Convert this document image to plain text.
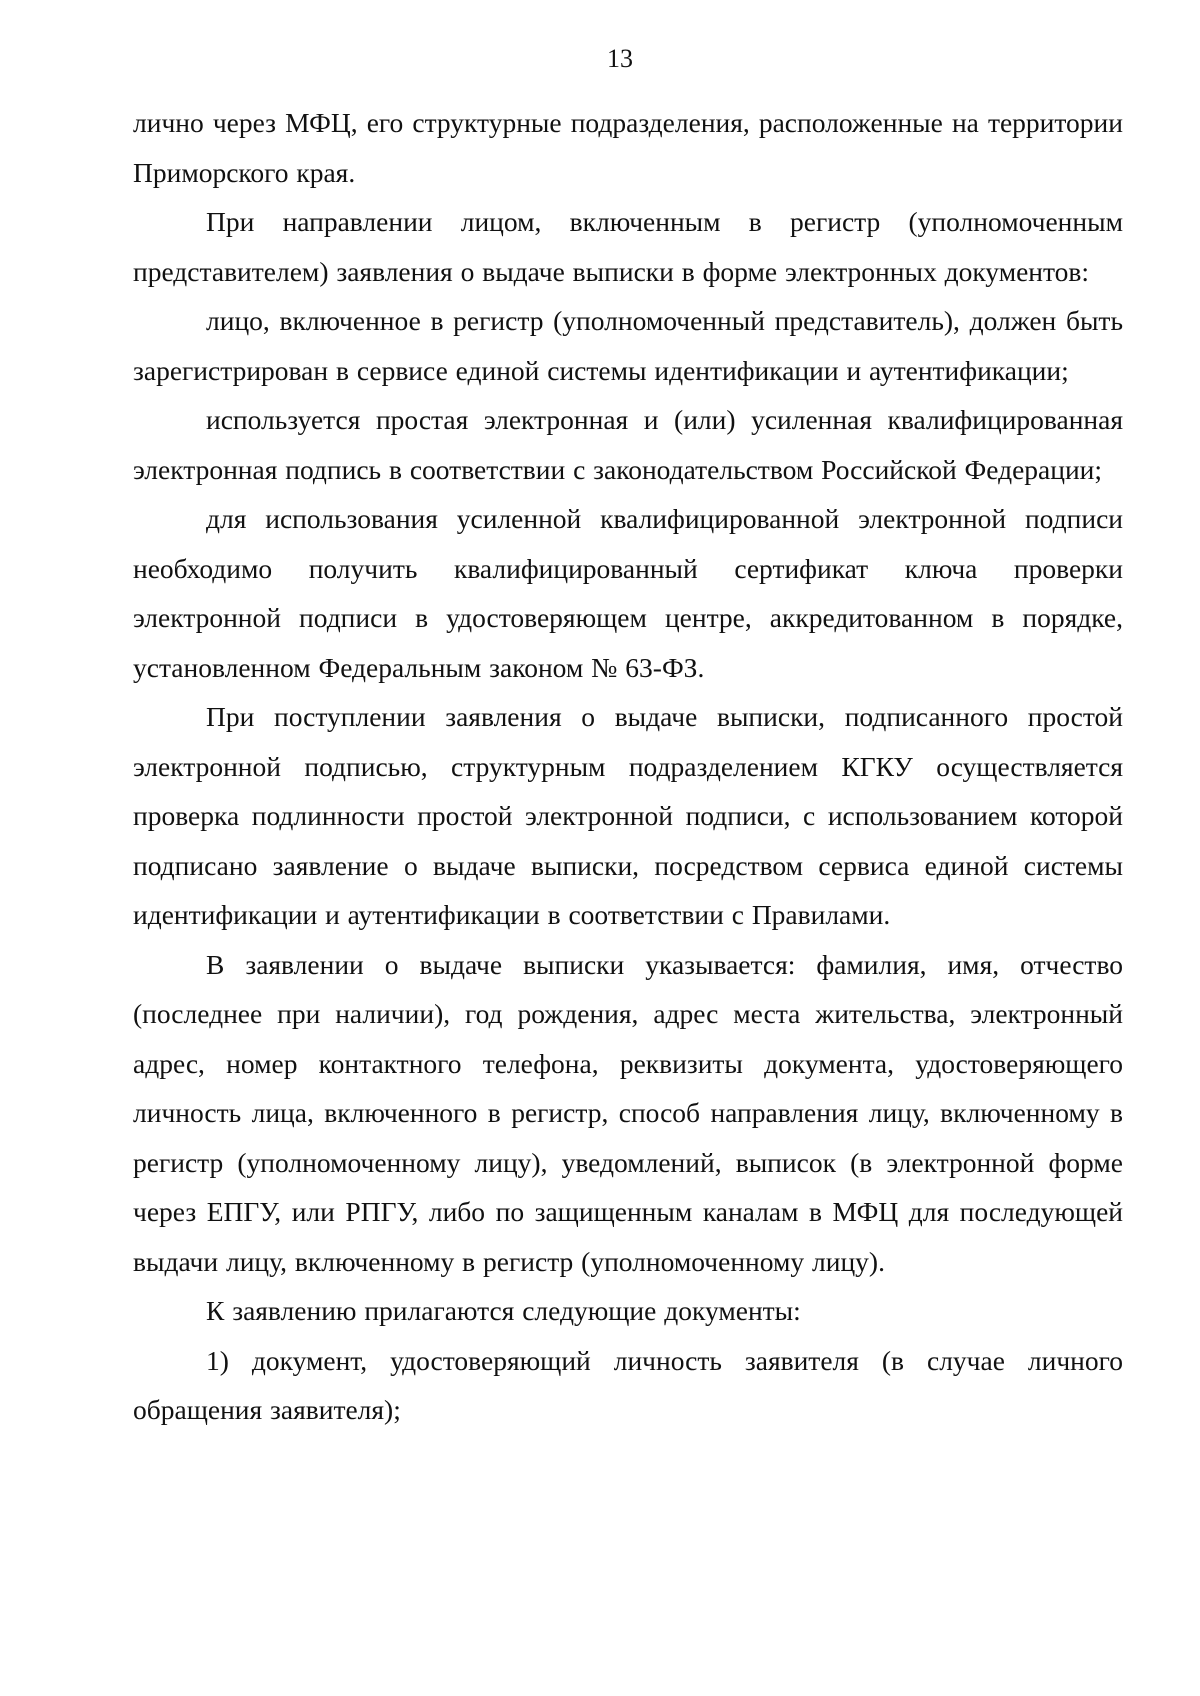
13

лично через МФЦ, его структурные подразделения, расположенные на территории Приморского края.

При направлении лицом, включенным в регистр (уполномоченным представителем) заявления о выдаче выписки в форме электронных документов:

лицо, включенное в регистр (уполномоченный представитель), должен быть зарегистрирован в сервисе единой системы идентификации и аутентификации;

используется простая электронная и (или) усиленная квалифицированная электронная подпись в соответствии с законодательством Российской Федерации;

для использования усиленной квалифицированной электронной подписи необходимо получить квалифицированный сертификат ключа проверки электронной подписи в удостоверяющем центре, аккредитованном в порядке, установленном Федеральным законом № 63-ФЗ.

При поступлении заявления о выдаче выписки, подписанного простой электронной подписью, структурным подразделением КГКУ осуществляется проверка подлинности простой электронной подписи, с использованием которой подписано заявление о выдаче выписки, посредством сервиса единой системы идентификации и аутентификации в соответствии с Правилами.

В заявлении о выдаче выписки указывается: фамилия, имя, отчество (последнее при наличии), год рождения, адрес места жительства, электронный адрес, номер контактного телефона, реквизиты документа, удостоверяющего личность лица, включенного в регистр, способ направления лицу, включенному в регистр (уполномоченному лицу), уведомлений, выписок (в электронной форме через ЕПГУ, или РПГУ, либо по защищенным каналам в МФЦ для последующей выдачи лицу, включенному в регистр (уполномоченному лицу).

К заявлению прилагаются следующие документы:

1) документ, удостоверяющий личность заявителя (в случае личного обращения заявителя);
